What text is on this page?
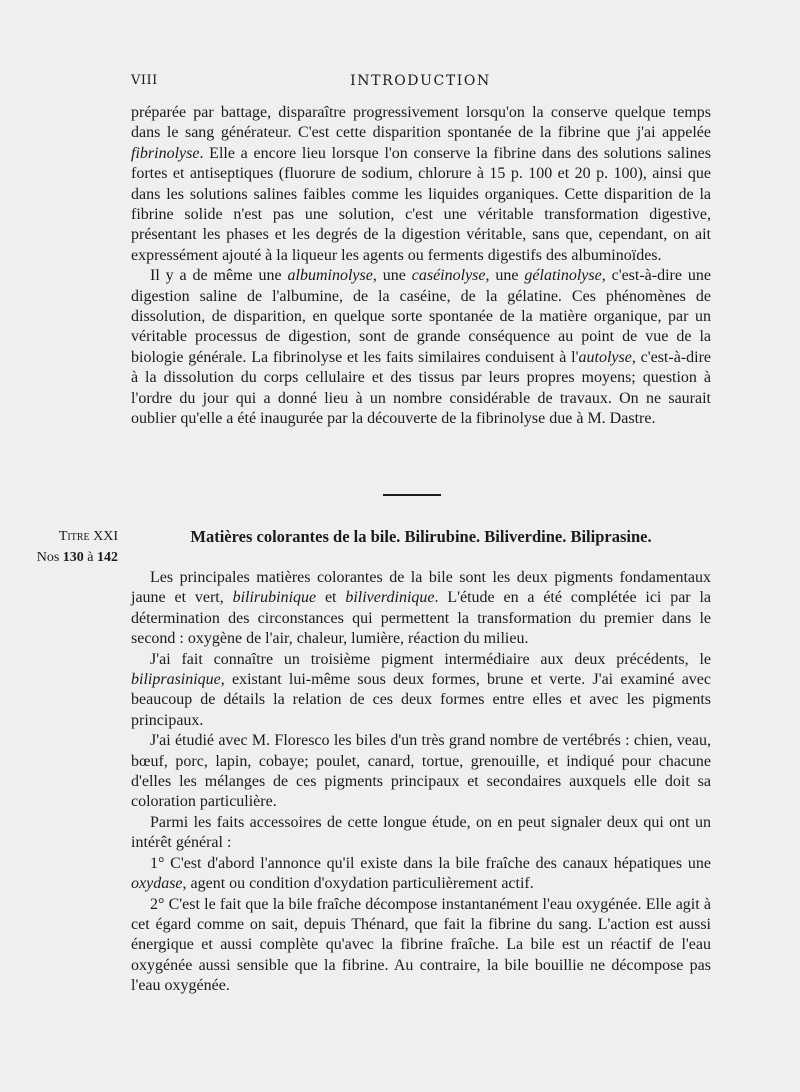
VIII	INTRODUCTION

préparée par battage, disparaître progressivement lorsqu'on la conserve quelque temps dans le sang générateur. C'est cette disparition spontanée de la fibrine que j'ai appelée fibrinolyse. Elle a encore lieu lorsque l'on conserve la fibrine dans des solutions salines fortes et antiseptiques (fluorure de sodium, chlorure à 15 p. 100 et 20 p. 100), ainsi que dans les solutions salines faibles comme les liquides organiques. Cette disparition de la fibrine solide n'est pas une solution, c'est une véritable transformation digestive, présentant les phases et les degrés de la digestion véritable, sans que, cependant, on ait expressément ajouté à la liqueur les agents ou ferments digestifs des albuminoïdes.

Il y a de même une albuminolyse, une caséinolyse, une gélatinolyse, c'est-à-dire une digestion saline de l'albumine, de la caséine, de la gélatine. Ces phénomènes de dissolution, de disparition, en quelque sorte spontanée de la matière organique, par un véritable processus de digestion, sont de grande conséquence au point de vue de la biologie générale. La fibrinolyse et les faits similaires conduisent à l'autolyse, c'est-à-dire à la dissolution du corps cellulaire et des tissus par leurs propres moyens; question à l'ordre du jour qui a donné lieu à un nombre considérable de travaux. On ne saurait oublier qu'elle a été inaugurée par la découverte de la fibrinolyse due à M. Dastre.

Titre XXI
Nos 130 à 142
Matières colorantes de la bile. Bilirubine. Biliverdine. Biliprasine.

Les principales matières colorantes de la bile sont les deux pigments fondamentaux jaune et vert, bilirubinique et biliverdinique. L'étude en a été complétée ici par la détermination des circonstances qui permettent la transformation du premier dans le second : oxygène de l'air, chaleur, lumière, réaction du milieu.

J'ai fait connaître un troisième pigment intermédiaire aux deux précédents, le biliprasinique, existant lui-même sous deux formes, brune et verte. J'ai examiné avec beaucoup de détails la relation de ces deux formes entre elles et avec les pigments principaux.

J'ai étudié avec M. Floresco les biles d'un très grand nombre de vertébrés : chien, veau, bœuf, porc, lapin, cobaye; poulet, canard, tortue, grenouille, et indiqué pour chacune d'elles les mélanges de ces pigments principaux et secondaires auxquels elle doit sa coloration particulière.

Parmi les faits accessoires de cette longue étude, on en peut signaler deux qui ont un intérêt général :

1° C'est d'abord l'annonce qu'il existe dans la bile fraîche des canaux hépatiques une oxydase, agent ou condition d'oxydation particulièrement actif.

2° C'est le fait que la bile fraîche décompose instantanément l'eau oxygénée. Elle agit à cet égard comme on sait, depuis Thénard, que fait la fibrine du sang. L'action est aussi énergique et aussi complète qu'avec la fibrine fraîche. La bile est un réactif de l'eau oxygénée aussi sensible que la fibrine. Au contraire, la bile bouillie ne décompose pas l'eau oxygénée.
